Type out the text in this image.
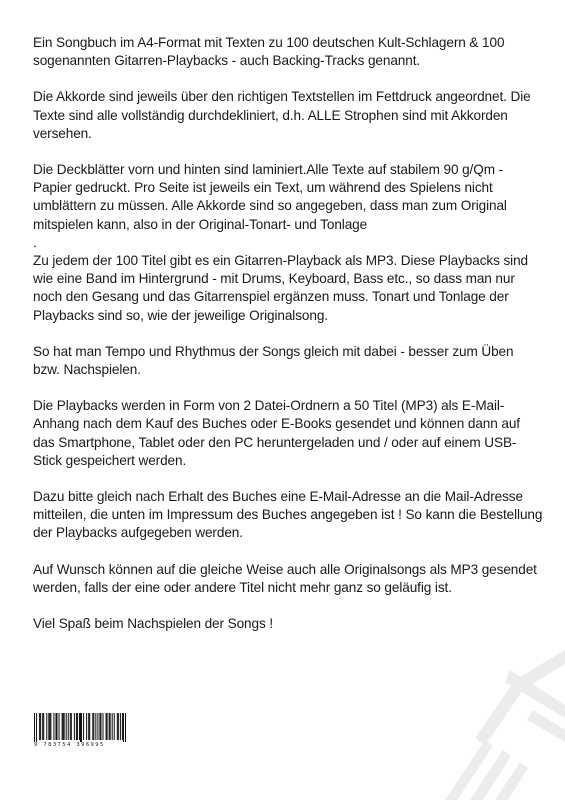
Ein Songbuch im A4-Format mit Texten zu 100 deutschen Kult-Schlagern & 100 sogenannten Gitarren-Playbacks - auch Backing-Tracks genannt.

Die Akkorde sind jeweils über den richtigen Textstellen im Fettdruck angeordnet. Die Texte sind alle vollständig durchdekliniert, d.h. ALLE Strophen sind mit Akkorden versehen.

Die Deckblätter vorn und hinten sind laminiert.Alle Texte auf stabilem 90 g/Qm - Papier gedruckt. Pro Seite ist jeweils ein Text, um während des Spielens nicht umblättern zu müssen. Alle Akkorde sind so angegeben, dass man zum Original mitspielen kann, also in der Original-Tonart- und Tonlage

.

Zu jedem der 100 Titel gibt es ein Gitarren-Playback als MP3. Diese Playbacks sind wie eine Band im Hintergrund - mit Drums, Keyboard, Bass etc., so dass man nur noch den Gesang und das Gitarrenspiel ergänzen muss. Tonart und Tonlage der Playbacks sind so, wie der jeweilige Originalsong.

So hat man Tempo und Rhythmus der Songs gleich mit dabei - besser zum Üben bzw. Nachspielen.

Die Playbacks werden in Form von 2 Datei-Ordnern a 50 Titel (MP3) als E-Mail-Anhang nach dem Kauf des Buches oder E-Books gesendet und können dann auf das Smartphone, Tablet oder den PC heruntergeladen und / oder auf einem USB-Stick gespeichert werden.

Dazu bitte gleich nach Erhalt des Buches eine E-Mail-Adresse an die Mail-Adresse mitteilen, die unten im Impressum des Buches angegeben ist ! So kann die Bestellung der Playbacks aufgegeben werden.

Auf Wunsch können auf die gleiche Weise auch alle Originalsongs als MP3 gesendet werden, falls der eine oder andere Titel nicht mehr ganz so geläufig ist.

Viel Spaß beim Nachspielen der Songs !

9 783754 396995
